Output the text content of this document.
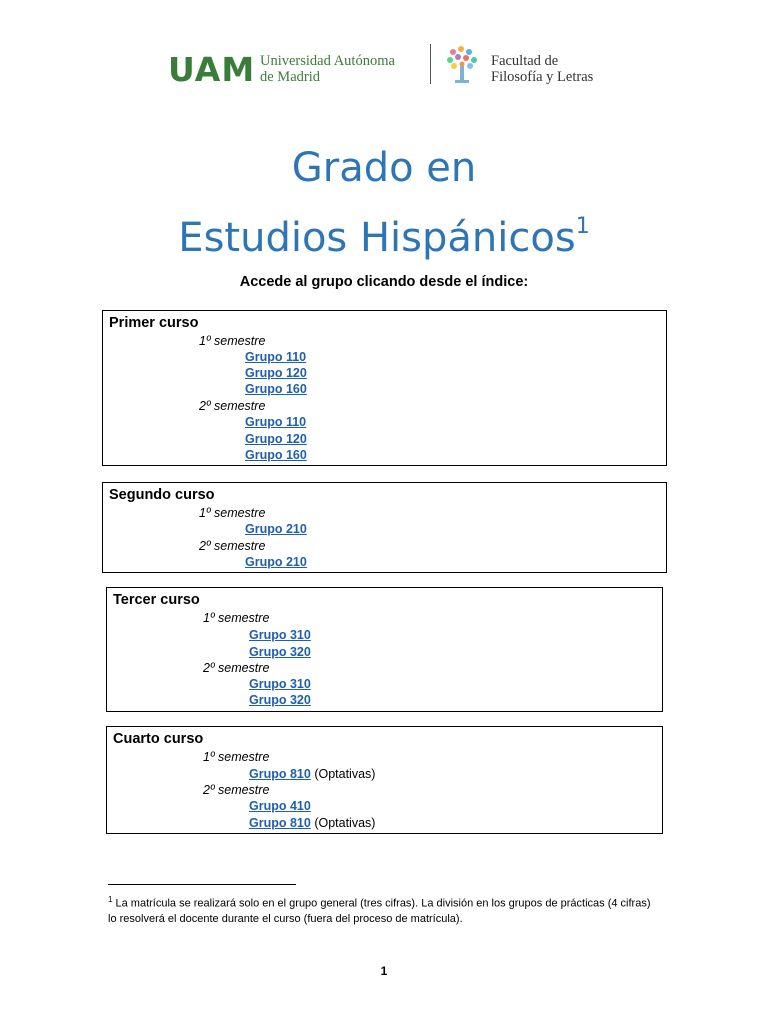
UAM Universidad Autónoma
de Madrid
Facultad de
Filosofía y Letras
Grado en
Estudios Hispánicos$^1$
Accede al grupo clicando desde el índice:
Primer curso
1º semestre
Grupo 110
Grupo 120
Grupo 160
2º semestre
Grupo 110
Grupo 120
Grupo 160
Segundo curso
1º semestre
Grupo 210
2º semestre
Grupo 210
Tercer curso
1º semestre
Grupo 310
Grupo 320
2º semestre
Grupo 310
Grupo 320
Cuarto curso
1º semestre
Grupo 810 (Optativas)
2º semestre
Grupo 410
Grupo 810 (Optativas)
$^1$ La matrícula se realizará solo en el grupo general (tres cifras). La división en los grupos de prácticas (4 cifras) lo resolverá el docente durante el curso (fuera del proceso de matrícula).
1
